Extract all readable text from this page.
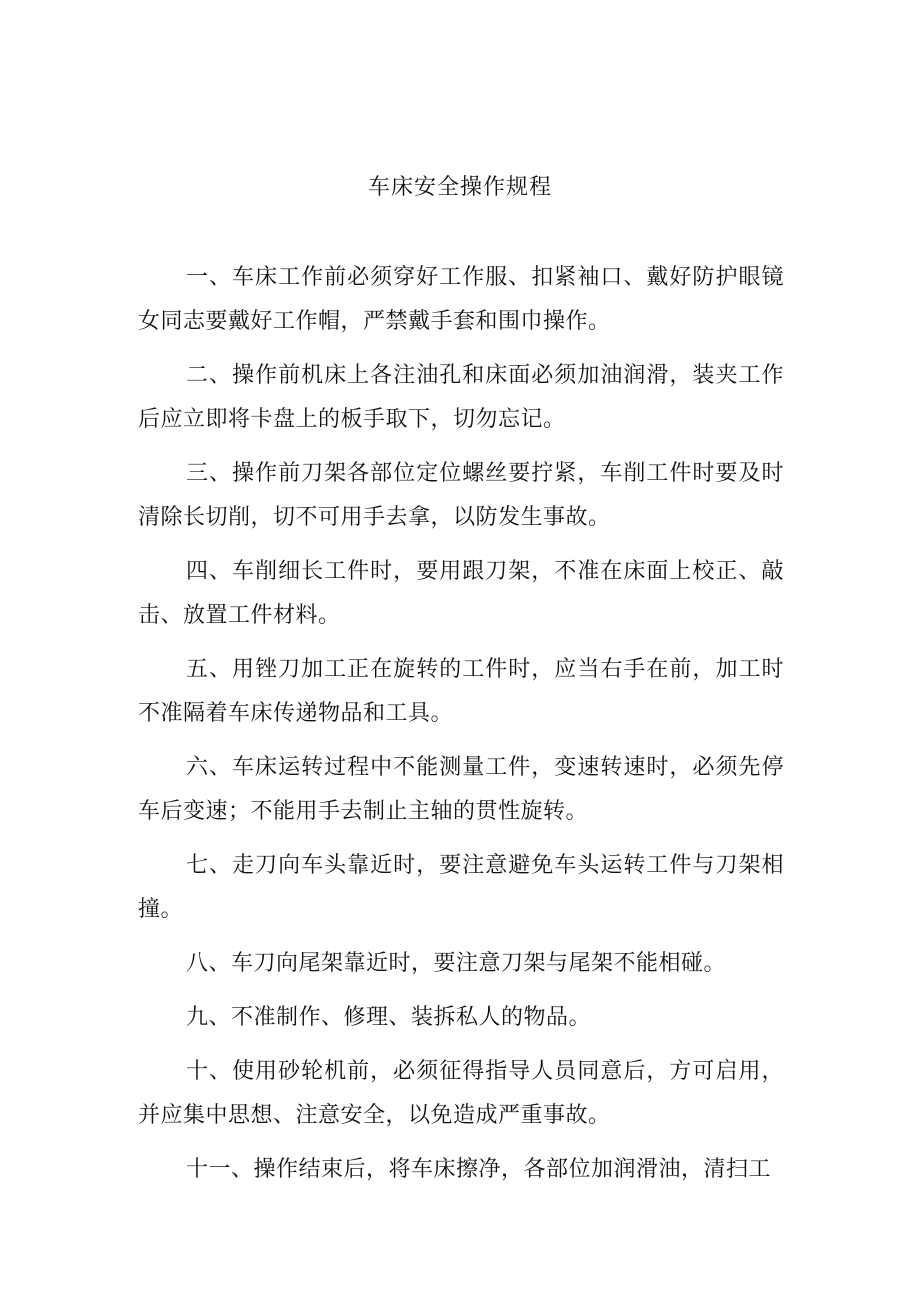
车床安全操作规程

一、车床工作前必须穿好工作服、扣紧袖口、戴好防护眼镜女同志要戴好工作帽，严禁戴手套和围巾操作。

二、操作前机床上各注油孔和床面必须加油润滑，装夹工作后应立即将卡盘上的板手取下，切勿忘记。

三、操作前刀架各部位定位螺丝要拧紧，车削工件时要及时清除长切削，切不可用手去拿，以防发生事故。

四、车削细长工件时，要用跟刀架，不准在床面上校正、敲击、放置工件材料。

五、用锉刀加工正在旋转的工件时，应当右手在前，加工时不准隔着车床传递物品和工具。

六、车床运转过程中不能测量工件，变速转速时，必须先停车后变速；不能用手去制止主轴的贯性旋转。

七、走刀向车头靠近时，要注意避免车头运转工件与刀架相撞。

八、车刀向尾架靠近时，要注意刀架与尾架不能相碰。

九、不准制作、修理、装拆私人的物品。

十、使用砂轮机前，必须征得指导人员同意后，方可启用，并应集中思想、注意安全，以免造成严重事故。

十一、操作结束后，将车床擦净，各部位加润滑油，清扫工
